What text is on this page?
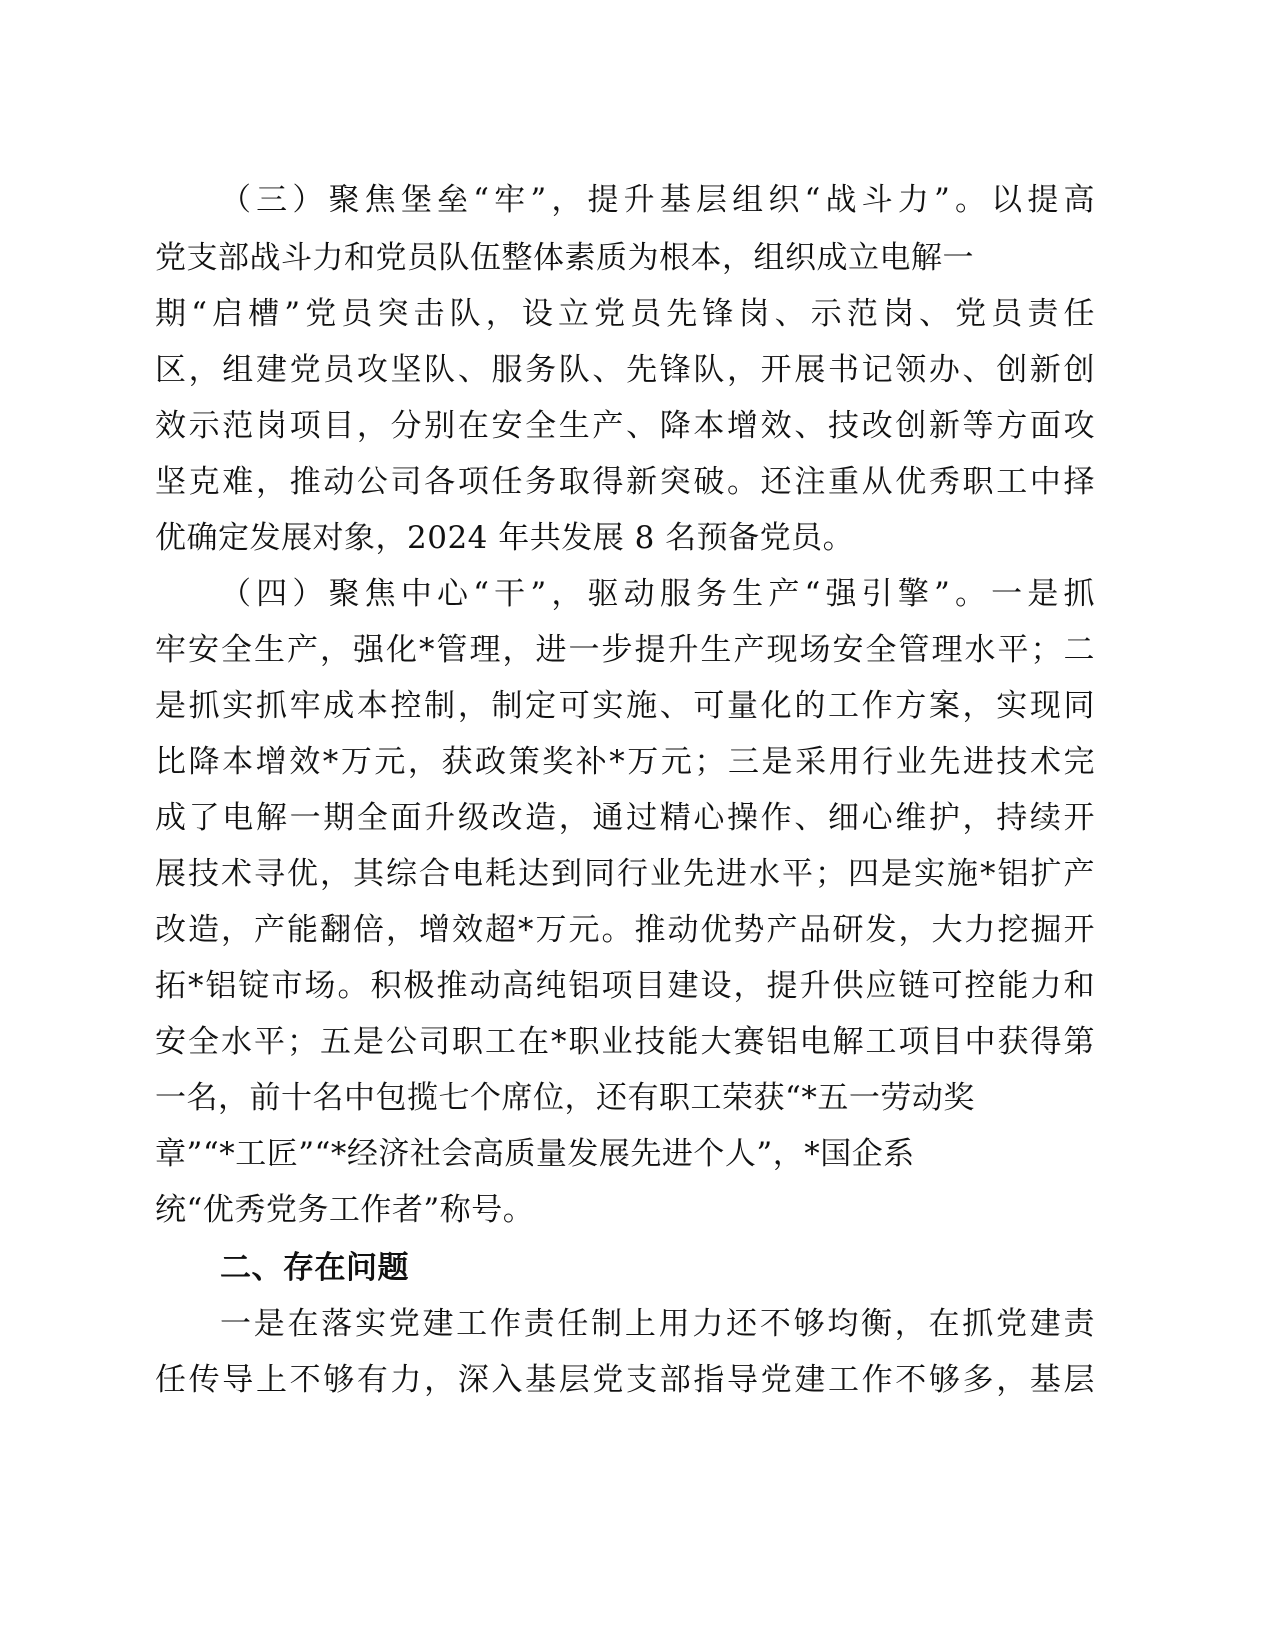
（三）聚焦堡垒“牢”，提升基层组织“战斗力”。以提高

党支部战斗力和党员队伍整体素质为根本，组织成立电解一

期“启槽”党员突击队，设立党员先锋岗、示范岗、党员责任

区，组建党员攻坚队、服务队、先锋队，开展书记领办、创新创

效示范岗项目，分别在安全生产、降本增效、技改创新等方面攻

坚克难，推动公司各项任务取得新突破。还注重从优秀职工中择

优确定发展对象，2024 年共发展 8 名预备党员。

（四）聚焦中心“干”，驱动服务生产“强引擎”。一是抓

牢安全生产，强化*管理，进一步提升生产现场安全管理水平；二

是抓实抓牢成本控制，制定可实施、可量化的工作方案，实现同

比降本增效*万元，获政策奖补*万元；三是采用行业先进技术完

成了电解一期全面升级改造，通过精心操作、细心维护，持续开

展技术寻优，其综合电耗达到同行业先进水平；四是实施*铝扩产

改造，产能翻倍，增效超*万元。推动优势产品研发，大力挖掘开

拓*铝锭市场。积极推动高纯铝项目建设，提升供应链可控能力和

安全水平；五是公司职工在*职业技能大赛铝电解工项目中获得第

一名，前十名中包揽七个席位，还有职工荣获“*五一劳动奖

章”“*工匠”“*经济社会高质量发展先进个人”，*国企系

统“优秀党务工作者”称号。

二、存在问题

一是在落实党建工作责任制上用力还不够均衡，在抓党建责

任传导上不够有力，深入基层党支部指导党建工作不够多，基层
